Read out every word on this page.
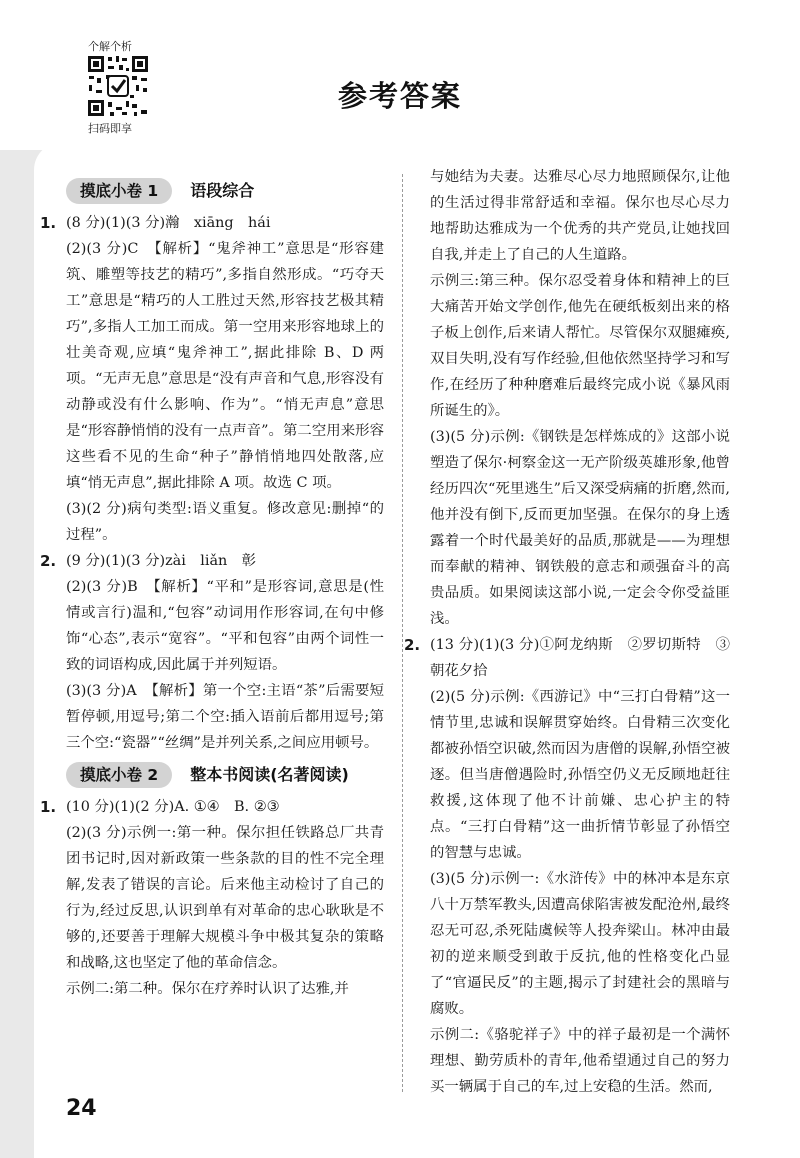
个解个析
扫码即享
参考答案
摸底小卷 1	语段综合
1. (8 分)(1)(3 分)瀚　xiāng　hái

(2)(3 分)C　【解析】“鬼斧神工”意思是“形容建筑、雕塑等技艺的精巧”,多指自然形成。“巧夺天工”意思是“精巧的人工胜过天然,形容技艺极其精巧”,多指人工加工而成。第一空用来形容地球上的壮美奇观,应填“鬼斧神工”,据此排除 B、D 两项。“无声无息”意思是“没有声音和气息,形容没有动静或没有什么影响、作为”。“悄无声息”意思是“形容静悄悄的没有一点声音”。第二空用来形容这些看不见的生命“种子”静悄悄地四处散落,应填“悄无声息”,据此排除 A 项。故选 C 项。

(3)(2 分)病句类型:语义重复。修改意见:删掉“的过程”。

2. (9 分)(1)(3 分)zài　liǎn　彰

(2)(3 分)B　【解析】“平和”是形容词,意思是(性情或言行)温和,“包容”动词用作形容词,在句中修饰“心态”,表示“宽容”。“平和包容”由两个词性一致的词语构成,因此属于并列短语。

(3)(3 分)A　【解析】第一个空:主语“茶”后需要短暂停顿,用逗号;第二个空:插入语前后都用逗号;第三个空:“瓷器”“丝绸”是并列关系,之间应用顿号。

摸底小卷 2	整本书阅读(名著阅读)
1. (10 分)(1)(2 分)A. ①④　B. ②③

(2)(3 分)示例一:第一种。保尔担任铁路总厂共青团书记时,因对新政策一些条款的目的性不完全理解,发表了错误的言论。后来他主动检讨了自己的行为,经过反思,认识到单有对革命的忠心耿耿是不够的,还要善于理解大规模斗争中极其复杂的策略和战略,这也坚定了他的革命信念。

示例二:第二种。保尔在疗养时认识了达雅,并

与她结为夫妻。达雅尽心尽力地照顾保尔,让他的生活过得非常舒适和幸福。保尔也尽心尽力地帮助达雅成为一个优秀的共产党员,让她找回自我,并走上了自己的人生道路。

示例三:第三种。保尔忍受着身体和精神上的巨大痛苦开始文学创作,他先在硬纸板刻出来的格子板上创作,后来请人帮忙。尽管保尔双腿瘫痪,双目失明,没有写作经验,但他依然坚持学习和写作,在经历了种种磨难后最终完成小说《暴风雨所诞生的》。

(3)(5 分)示例:《钢铁是怎样炼成的》这部小说塑造了保尔·柯察金这一无产阶级英雄形象,他曾经历四次“死里逃生”后又深受病痛的折磨,然而,他并没有倒下,反而更加坚强。在保尔的身上透露着一个时代最美好的品质,那就是——为理想而奉献的精神、钢铁般的意志和顽强奋斗的高贵品质。如果阅读这部小说,一定会令你受益匪浅。

2. (13 分)(1)(3 分)①阿龙纳斯　②罗切斯特　③朝花夕拾

(2)(5 分)示例:《西游记》中“三打白骨精”这一情节里,忠诚和误解贯穿始终。白骨精三次变化都被孙悟空识破,然而因为唐僧的误解,孙悟空被逐。但当唐僧遇险时,孙悟空仍义无反顾地赶往救援,这体现了他不计前嫌、忠心护主的特点。“三打白骨精”这一曲折情节彰显了孙悟空的智慧与忠诚。

(3)(5 分)示例一:《水浒传》中的林冲本是东京八十万禁军教头,因遭高俅陷害被发配沧州,最终忍无可忍,杀死陆虞候等人投奔梁山。林冲由最初的逆来顺受到敢于反抗,他的性格变化凸显了“官逼民反”的主题,揭示了封建社会的黑暗与腐败。

示例二:《骆驼祥子》中的祥子最初是一个满怀理想、勤劳质朴的青年,他希望通过自己的努力买一辆属于自己的车,过上安稳的生活。然而,

24
